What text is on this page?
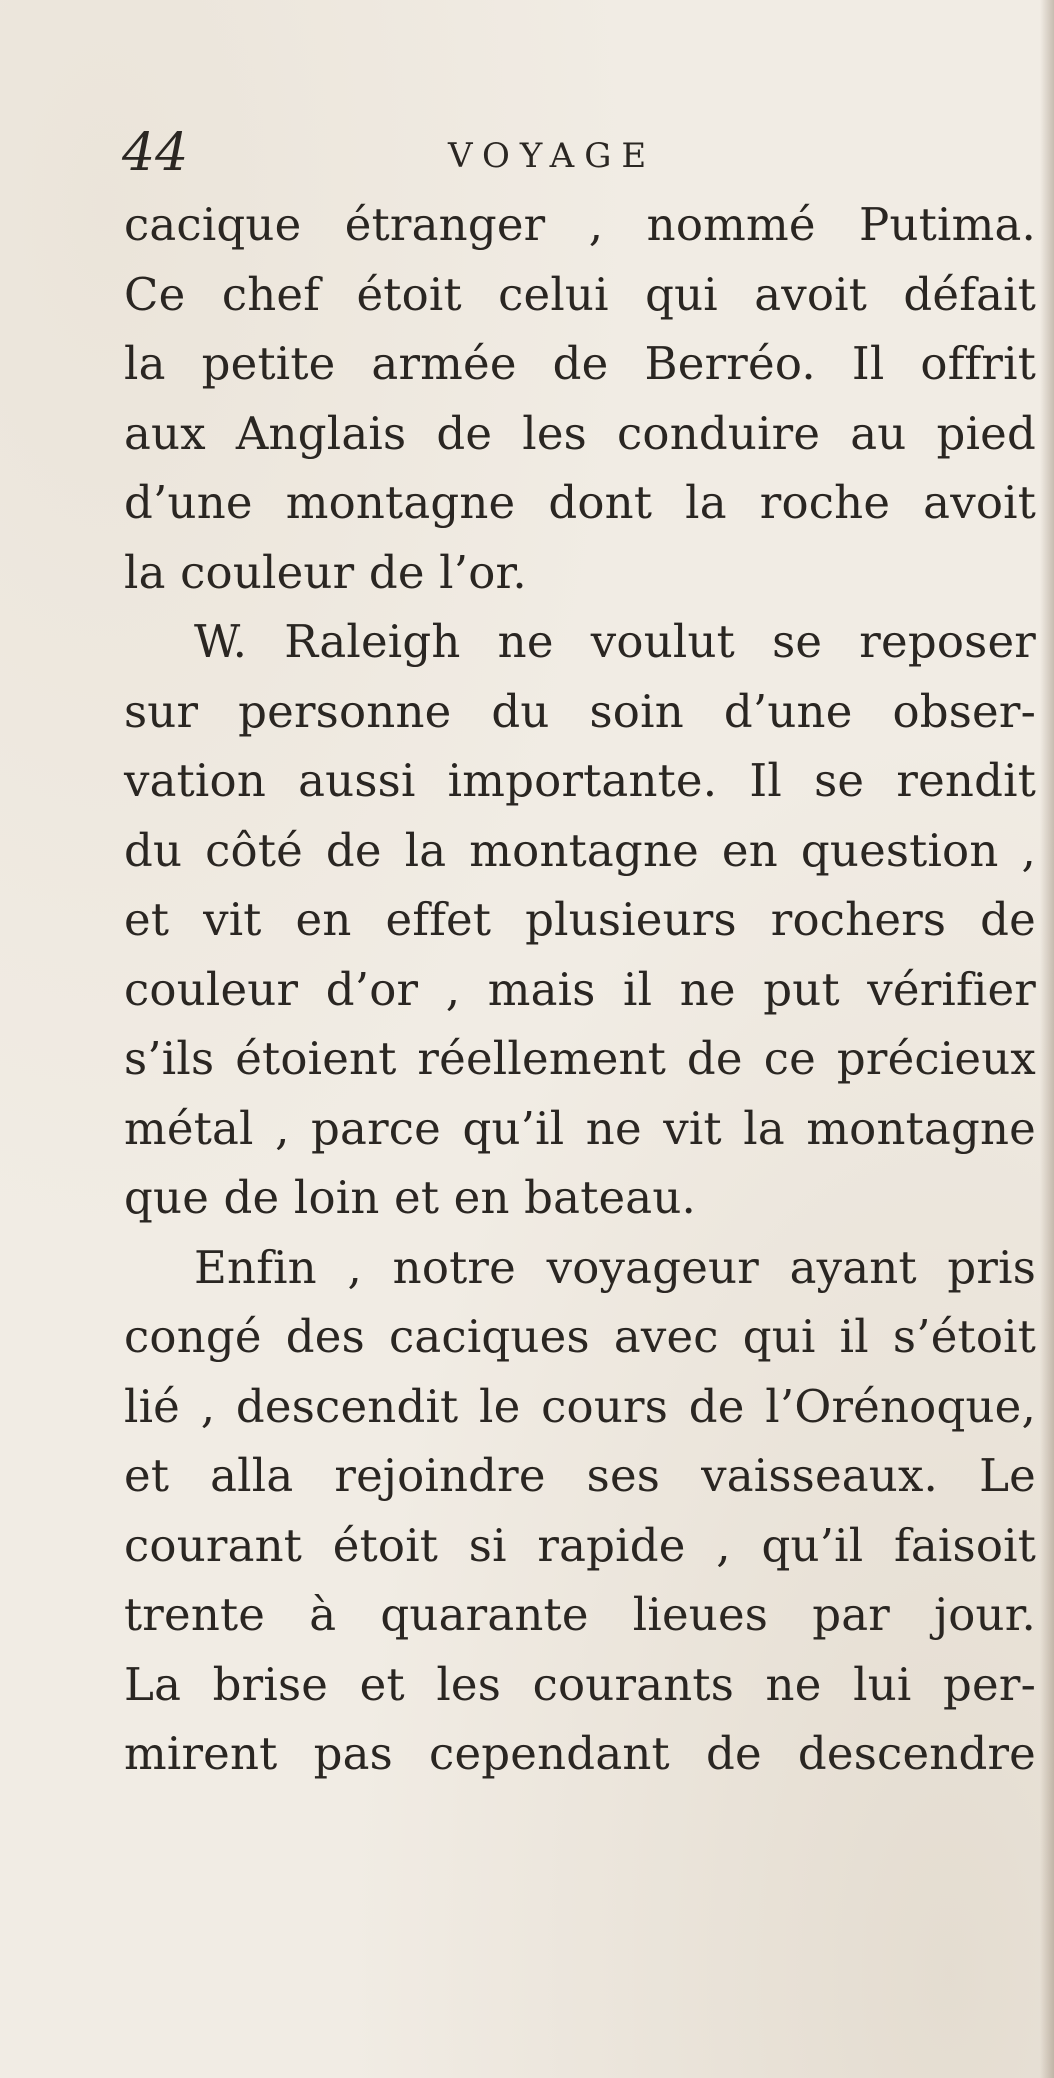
44	VOYAGE
cacique étranger , nommé Putima.
Ce chef étoit celui qui avoit défait
la petite armée de Berréo. Il offrit
aux Anglais de les conduire au pied
d’une montagne dont la roche avoit
la couleur de l’or.
W. Raleigh ne voulut se reposer
sur personne du soin d’une obser-
vation aussi importante. Il se rendit
du côté de la montagne en question ,
et vit en effet plusieurs rochers de
couleur d’or , mais il ne put vérifier
s’ils étoient réellement de ce précieux
métal , parce qu’il ne vit la montagne
que de loin et en bateau.
Enfin , notre voyageur ayant pris
congé des caciques avec qui il s’étoit
lié , descendit le cours de l’Orénoque,
et alla rejoindre ses vaisseaux. Le
courant étoit si rapide , qu’il faisoit
trente à quarante lieues par jour.
La brise et les courants ne lui per-
mirent pas cependant de descendre
